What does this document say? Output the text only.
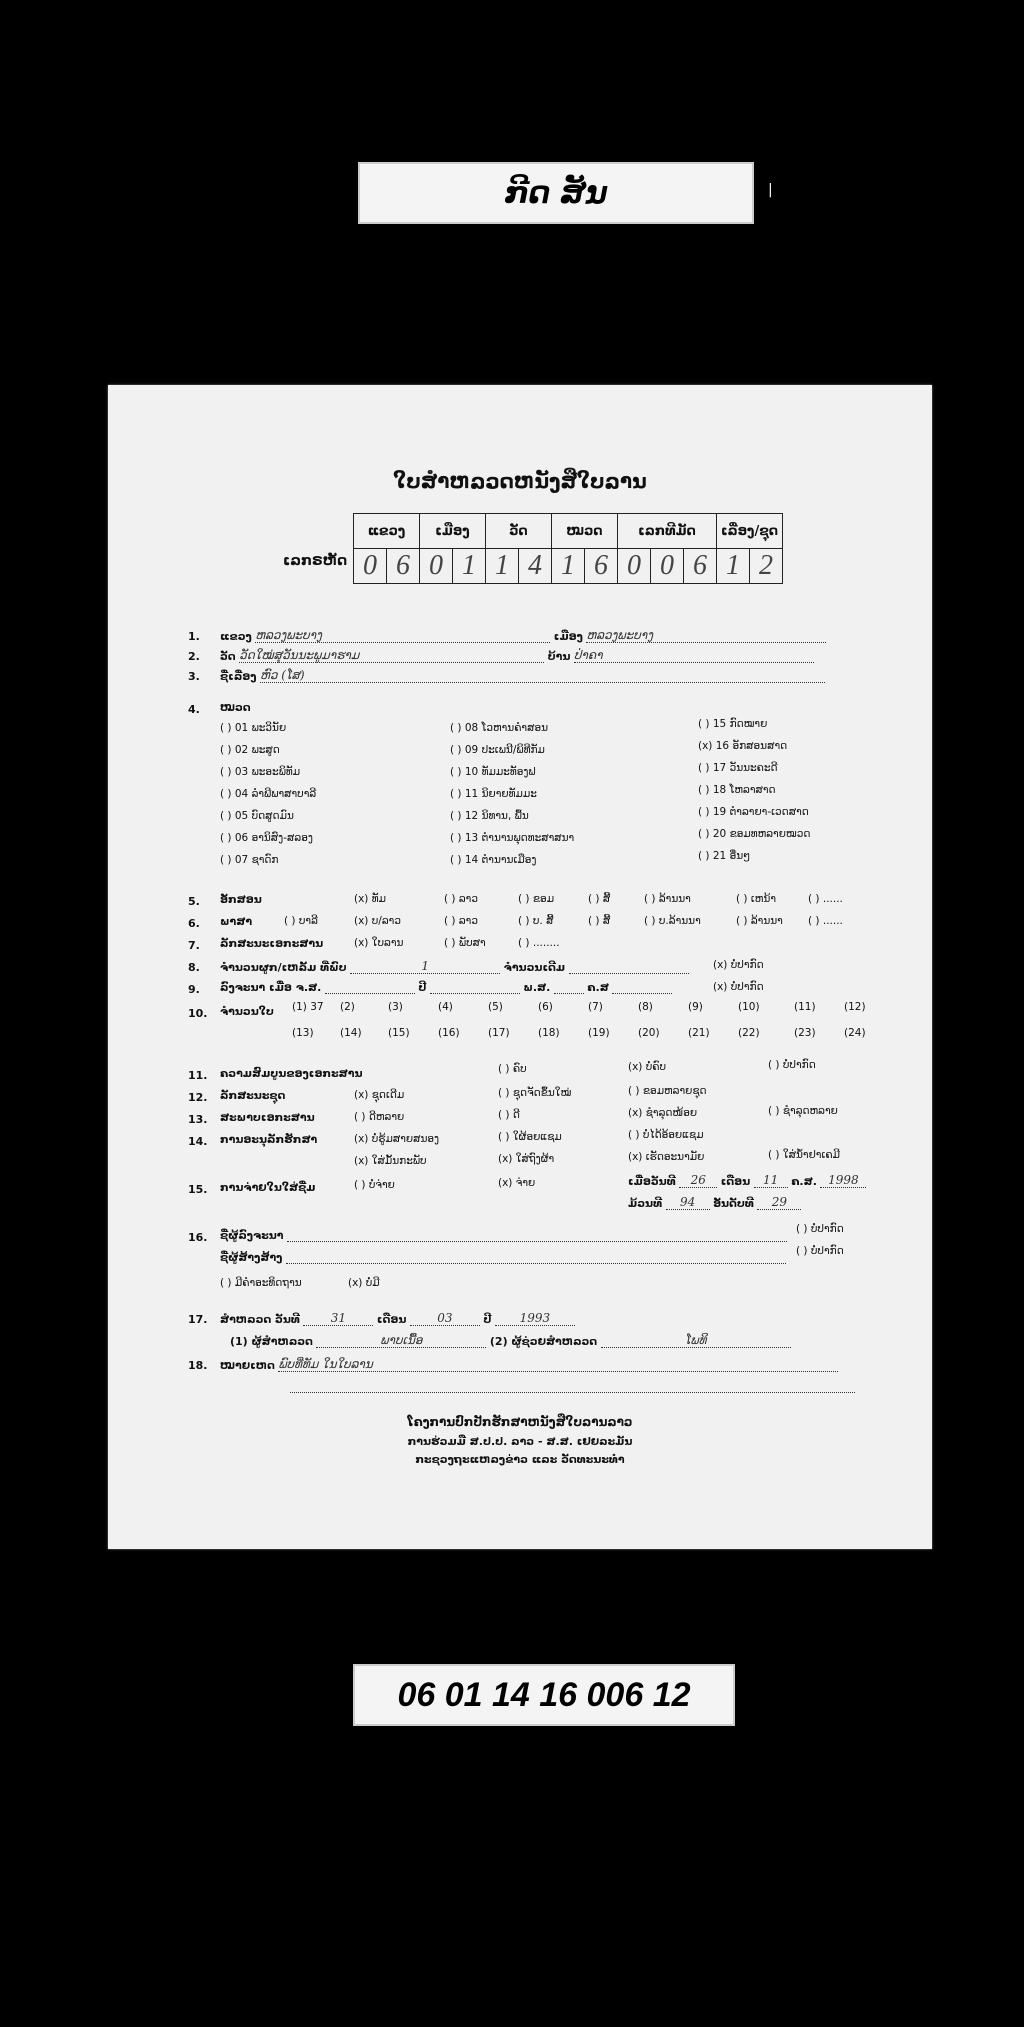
ກີດ ສັນ	|
ໃບສຳຫລວດຫນັງສືໃບລານ
ເລກຣຫັດ
ແຂວງ		ເມືອງ		ວັດ		ໝວດ		ເລກທີມັດ			ເລື່ອງ/ຊຸດ	
0	6	0	1	1	4	1	6	0	0	6	1	2
1. ແຂວງ ຫລວງພະບາງ	ເມືອງ ຫລວງພະບາງ
2. ວັດ ວັດໃໝ່ສຸວັນນະພູມາຮາມ	ບ້ານ ປ່າຄາ
3. ຊື່ເລື່ອງ ຫົວ (ໂສ)
4. ໝວດ
( ) 01 ພະວິນັຍ
( ) 02 ພະສູດ
( ) 03 ພະອະພິທັມ
( ) 04 ລຳພີພາສາບາລີ
( ) 05 ບົດສູດມົນ
( ) 06 ອານິສົງ-ສລອງ
( ) 07 ຊາດົກ
( ) 08 ໂວຫານຄຳສອນ
( ) 09 ປະເພນີ/ພິທີກັມ
( ) 10 ທັມມະທັອງຟ
( ) 11 ນິຍາຍທັມມະ
( ) 12 ນິທານ, ພື້ນ
( ) 13 ຕຳນານພຸດທະສາສນາ
( ) 14 ຕຳນານເມືອງ
( ) 15 ກົດໝາຍ
(x) 16 ອັກສອນສາດ
( ) 17 ວັນນະຄະດີ
( ) 18 ໂຫລາສາດ
( ) 19 ຕຳລາຍາ-ເວດສາດ
( ) 20 ຂອມທຫລາຍໝວດ
( ) 21 ອື່ນໆ
5. ອັກສອນ	(x) ທັມ	( ) ລາວ	( ) ຂອມ	( ) ສີ້	( ) ລ້ານນາ	( ) ເຫນ້າ	( ) ......
6. ພາສາ	( ) ບາລີ	(x) ບ/ລາວ	( ) ລາວ	( ) ບ. ສີ້	( ) ສີ້	( ) ບ.ລ້ານນາ	( ) ລ້ານນາ ( ) ......
7. ລັກສະນະເອກະສານ	(x) ໃບລານ	( ) ພັບສາ	( ) ........
8. ຈຳນວນຜູກ/ເຫລັ້ມ ທີ່ພົບ	1	ຈຳນວນເດີມ	(x) ບໍ່ປາກົດ
9. ລົງຈະນາ ເມື່ອ ຈ.ສ.	ປີ	ພ.ສ.	ຄ.ສ	(x) ບໍ່ປາກົດ
10. ຈຳນວນໃບ
11. ຄວາມສົມບູນຂອງເອກະສານ	( ) ຄົບ	(x) ບໍ່ຄົບ	( ) ບໍ່ປາກົດ
12. ລັກສະນະຊຸດ	(x) ຊຸດເດີມ	( ) ຊຸດຈັດຂຶ້ນໃໝ່	( ) ຂອມຫລາຍຊຸດ
13. ສະພາບເອກະສານ	( ) ດີຫລາຍ	( ) ດີ	(x) ຊຳລຸດໜ້ອຍ	( ) ຊຳລຸດຫລາຍ
14. ການອະນຸລັກຮັກສາ	(x) ບໍ່ຮູ້ມສາຍສນອງ	( ) ໃຜ້ອຍແຊມ	( ) ບໍ່ໄດ້ອ້ອຍແຊມ
(x) ໃສ່ມັ້ນກະພັບ	(x) ໃສ່ຖົງຜ້າ	(x) ເຮັດອະນາມັຍ	( ) ໃສ່ນ້ຳຢາເຄມີ
15. ການຈ່າຍໃນໃສ່ຊື່ມ	( ) ບໍ່ຈ່າຍ	(x) ຈ່າຍ	ເມື່ອວັນທີ 26 ເດືອນ 11 ຄ.ສ. 1998
ມ້ວນທີ 94 ອັນດັບທີ 29
16. ຊື່ຜູ້ລົງຈະນາ	( ) ບໍ່ປາກົດ
ຊື່ຜູ້ສ້າງສ້າງ	( ) ບໍ່ປາກົດ
( ) ມີຄຳອະທິດຖານ	(x) ບໍ່ມີ
17. ສຳຫລວດ ວັນທີ	31	ເດືອນ	03	ປີ 1993
(1) ຜູ້ສຳຫລວດ	ພາບເນື້ອ	(2) ຜູ້ຊ່ວຍສຳຫລວດ	ໂພທິ
18. ໝາຍເຫດ ພົບທີ່ທັມ ໃນໃບລານ
ໂຄງການປົກປັກຮັກສາຫນັງສືໃບລານລາວ
ການຮ່ວມມື ສ.ປ.ປ. ລາວ - ສ.ສ. ເຢຍລະມັນ
ກະຊວງຖະແຫລງຂ່າວ ແລະ ວັດທະນະທຳ
(1) 37 (2)	(3)	(4)	(5)	(6)	(7)	(8)	(9)	(10)	(11)	(12)
(13)	(14)	(15)	(16)	(17)	(18)	(19)	(20)	(21)	(22)	(23)	(24)
06 01 14 16 006 12
